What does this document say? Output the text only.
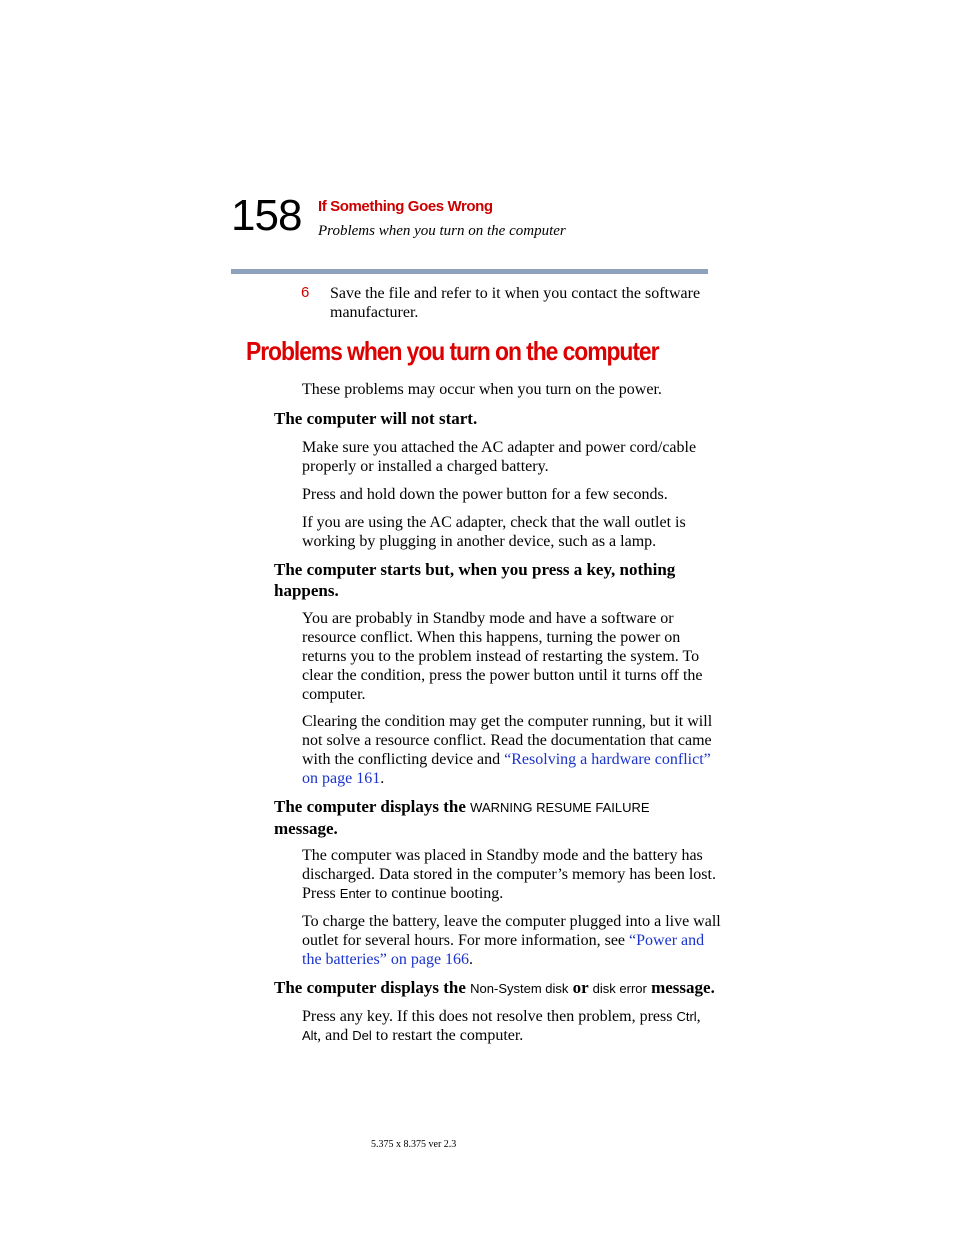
158 If Something Goes Wrong
Problems when you turn on the computer
6 Save the file and refer to it when you contact the software manufacturer.
Problems when you turn on the computer
These problems may occur when you turn on the power.
The computer will not start.
Make sure you attached the AC adapter and power cord/cable properly or installed a charged battery.
Press and hold down the power button for a few seconds.
If you are using the AC adapter, check that the wall outlet is working by plugging in another device, such as a lamp.
The computer starts but, when you press a key, nothing happens.
You are probably in Standby mode and have a software or resource conflict. When this happens, turning the power on returns you to the problem instead of restarting the system. To clear the condition, press the power button until it turns off the computer.
Clearing the condition may get the computer running, but it will not solve a resource conflict. Read the documentation that came with the conflicting device and “Resolving a hardware conflict” on page 161.
The computer displays the WARNING RESUME FAILURE
message.
The computer was placed in Standby mode and the battery has discharged. Data stored in the computer’s memory has been lost. Press Enter to continue booting.
To charge the battery, leave the computer plugged into a live wall outlet for several hours. For more information, see “Power and the batteries” on page 166.
The computer displays the Non-System disk or disk error message.
Press any key. If this does not resolve then problem, press Ctrl, Alt, and Del to restart the computer.
5.375 x 8.375 ver 2.3
